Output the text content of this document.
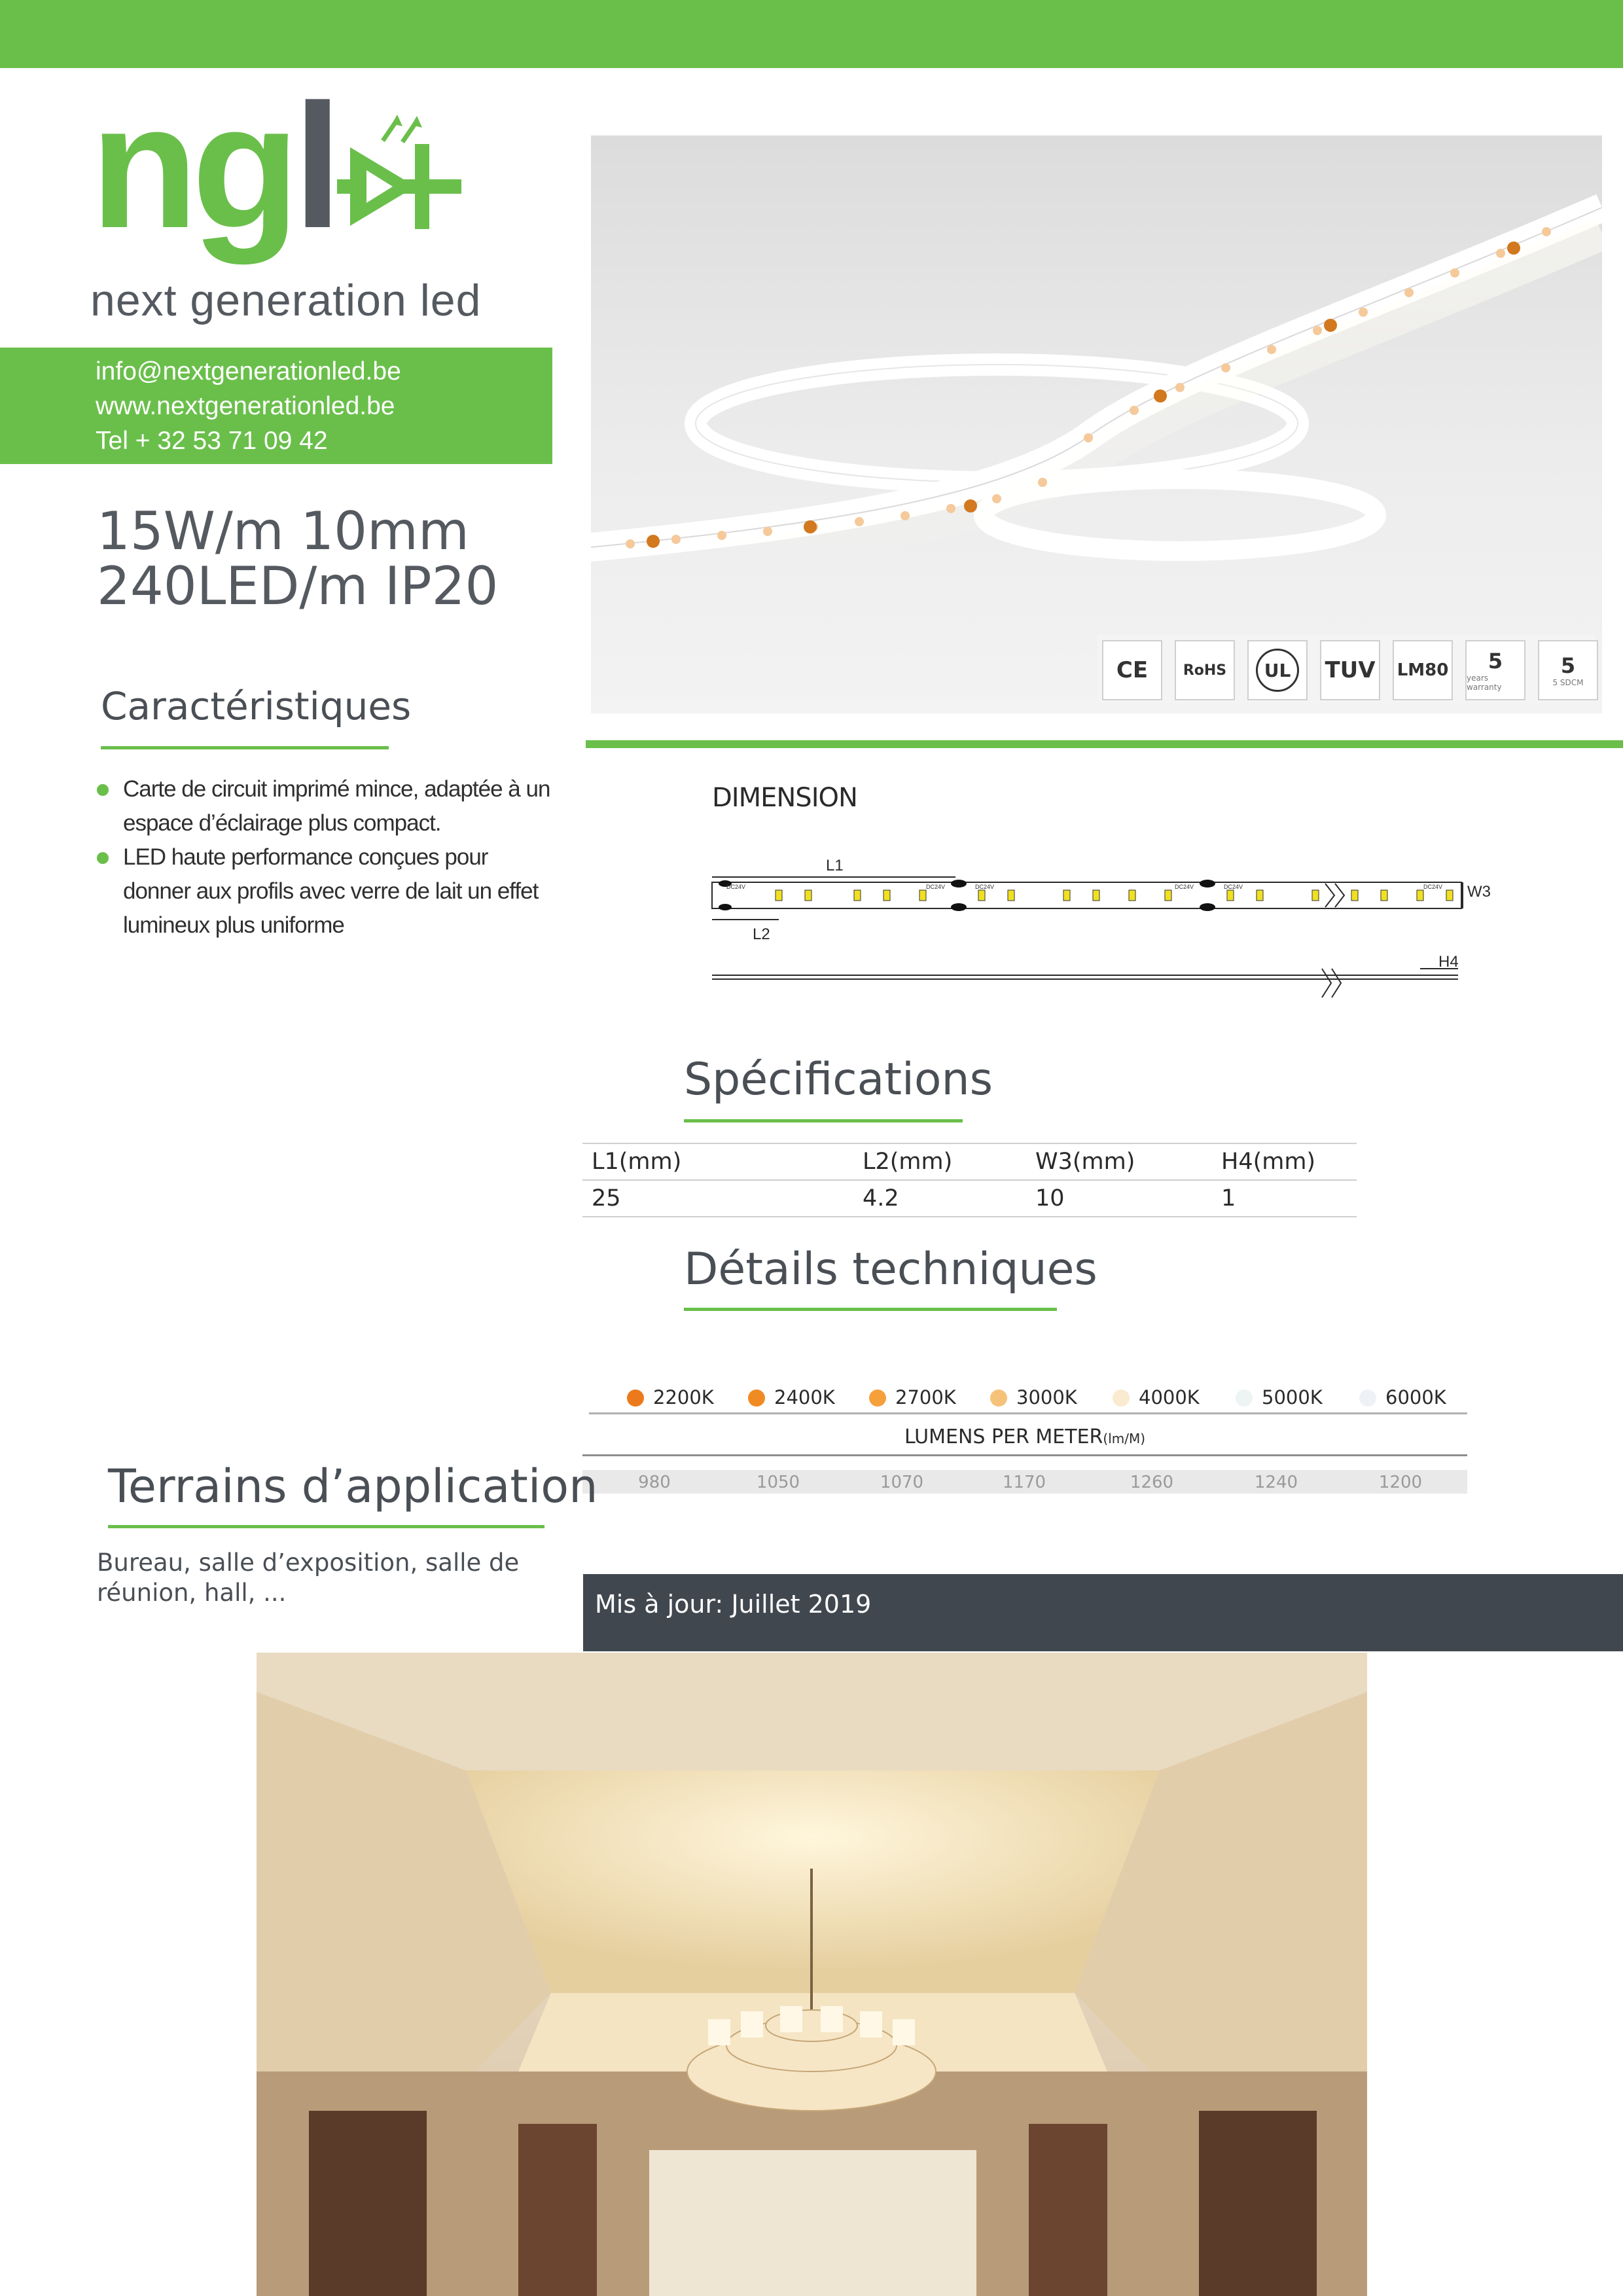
ngl
next generation led
info@nextgenerationled.be
www.nextgenerationled.be
Tel + 32 53 71 09 42
15W/m 10mm
240LED/m IP20
Caractéristiques
Carte de circuit imprimé mince, adaptée à un espace d’éclairage plus compact.
LED haute performance conçues pour donner aux profils avec verre de lait un effet lumineux plus uniforme
CE	RoHS	UL	TUV LM80 5
years warranty
5
5 SDCM
DIMENSION
L1
L2
W3
H4
DC24V	DC24V	DC24V	DC24V	DC24V	DC24V
Spécifications
L1(mm)	L2(mm)	W3(mm)	H4(mm)
25	4.2	10	1
Détails techniques
2200K	2400K	2700K	3000K	4000K	5000K	6000K
LUMENS PER METER(lm/M)
980	1050	1070	1170	1260	1240	1200
Terrains d’application
Bureau, salle d’exposition, salle de réunion, hall, ...	Mis à jour: Juillet 2019
